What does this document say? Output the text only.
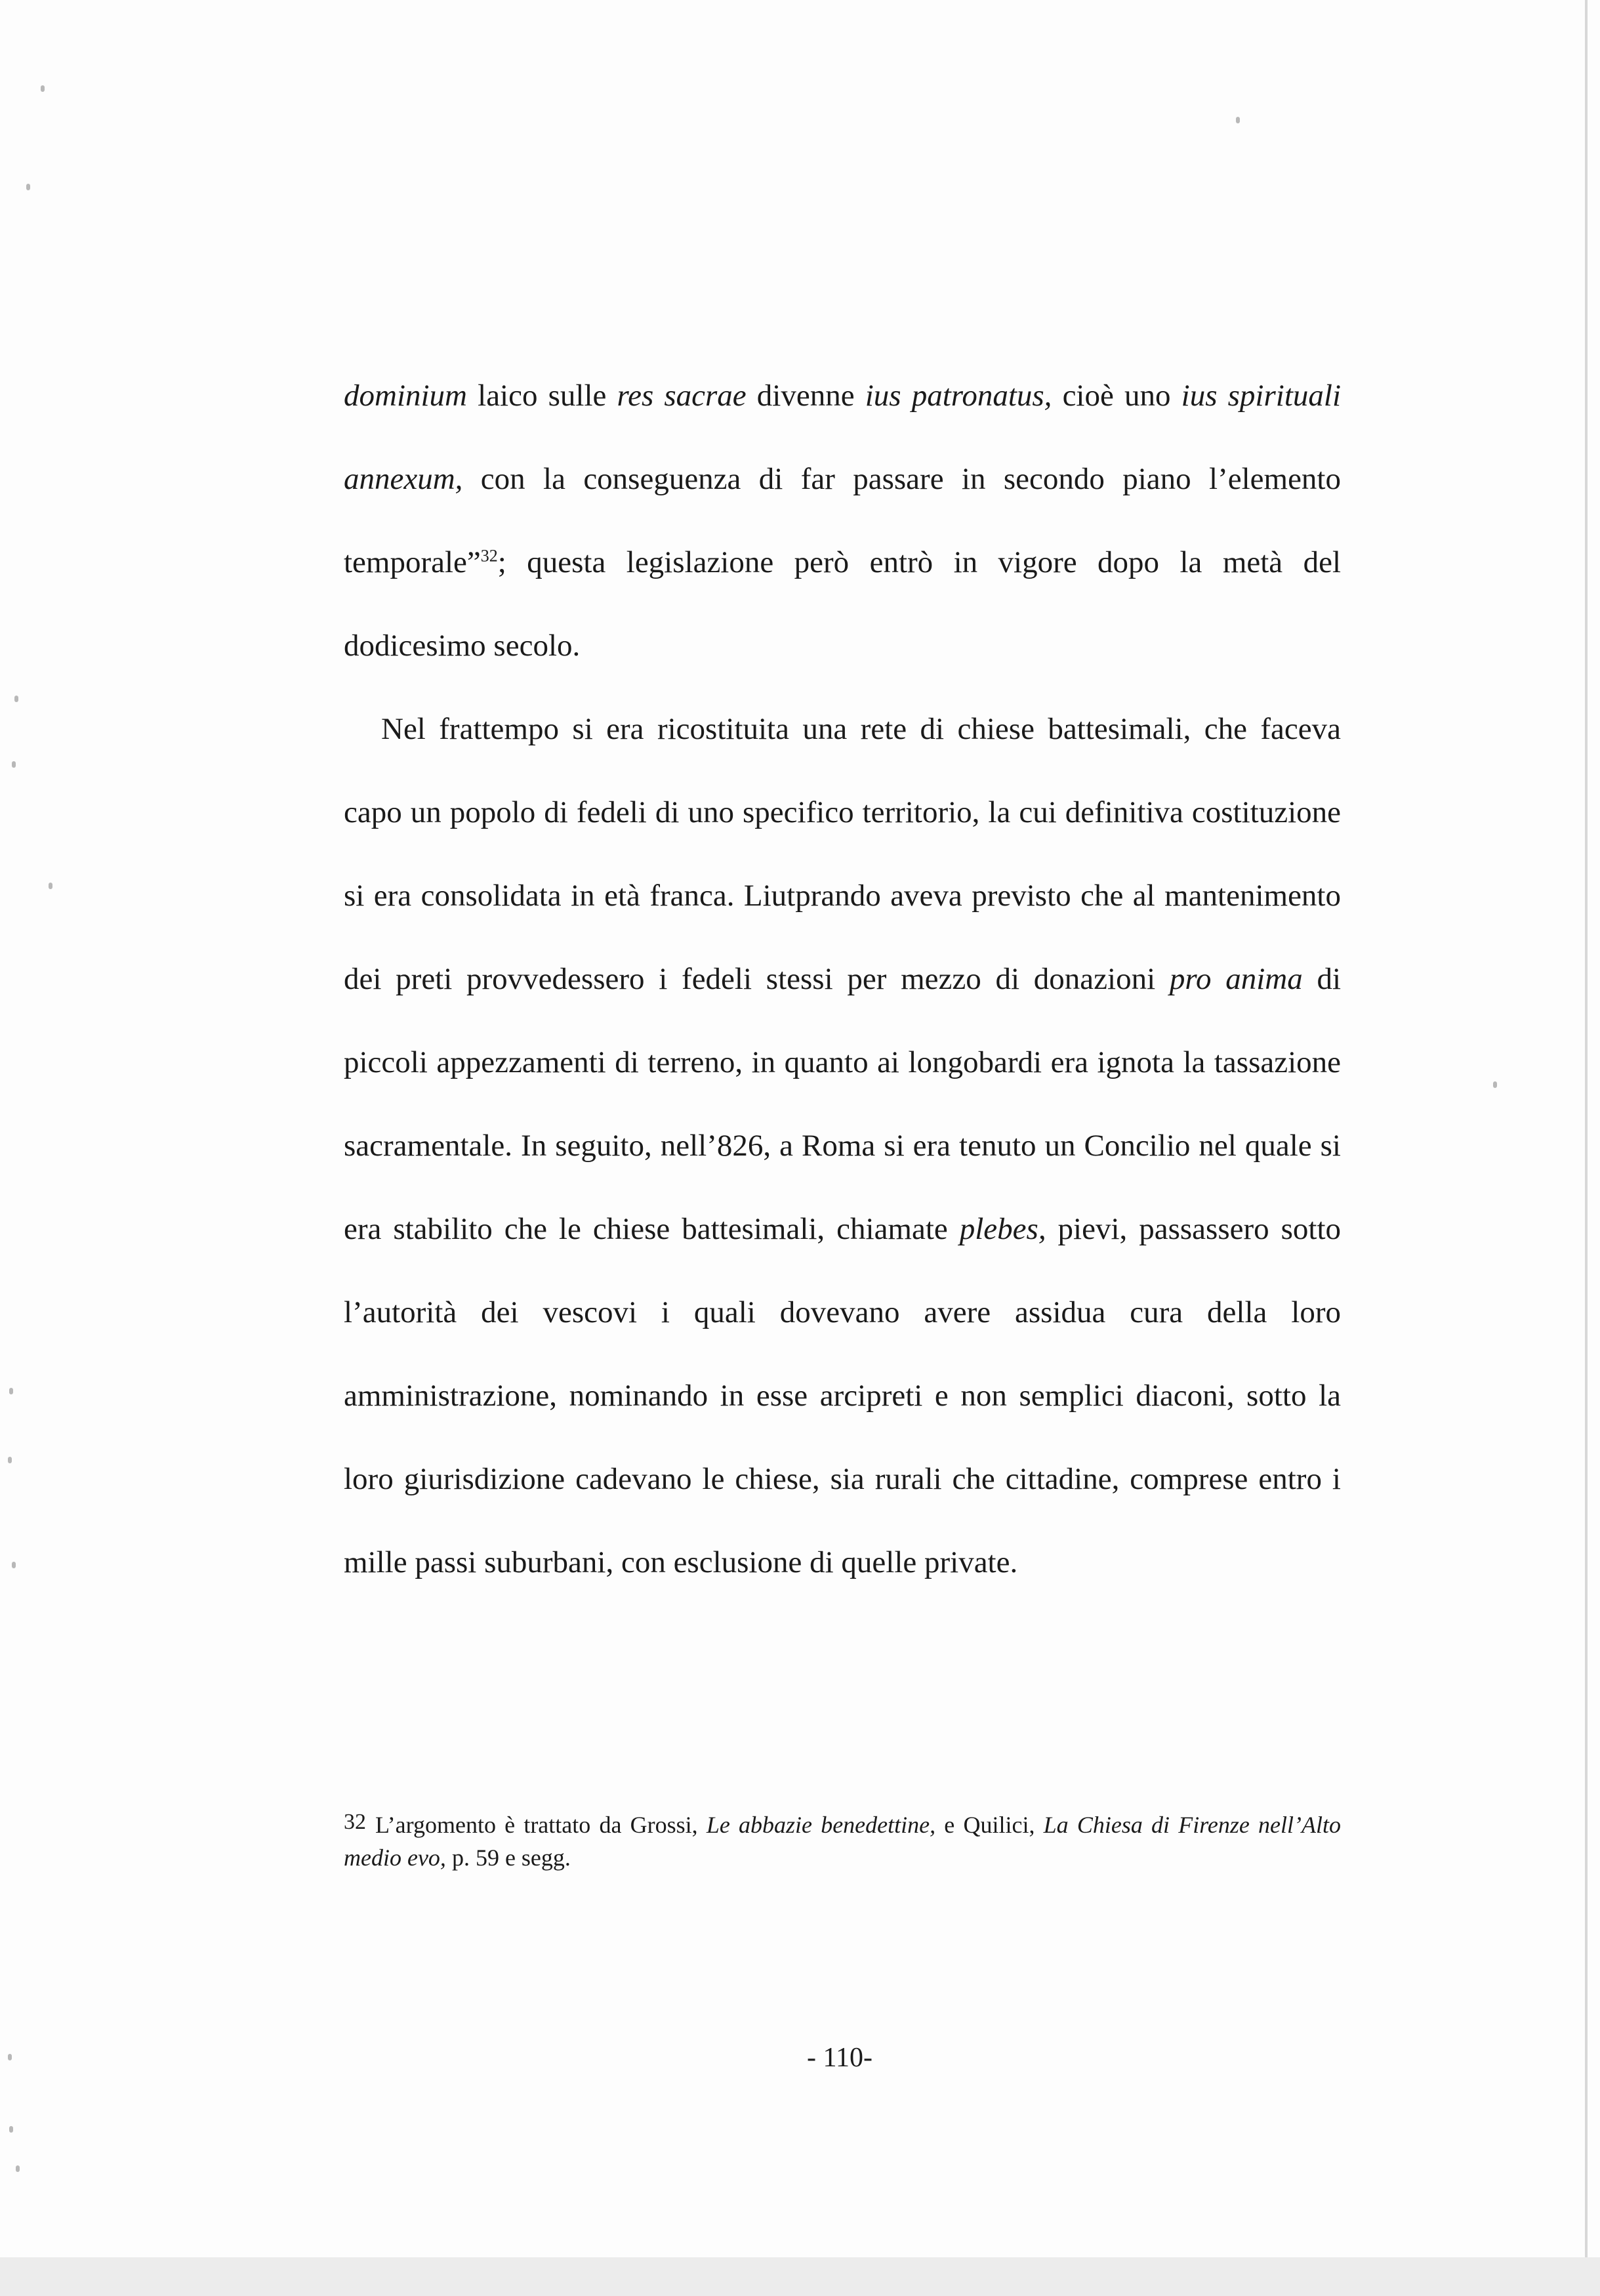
dominium laico sulle res sacrae divenne ius patronatus, cioè uno ius spirituali annexum, con la conseguenza di far passare in secondo piano l’elemento temporale”$^{32}$; questa legislazione però entrò in vigore dopo la metà del dodicesimo secolo.

Nel frattempo si era ricostituita una rete di chiese battesimali, che faceva capo un popolo di fedeli di uno specifico territorio, la cui definitiva costituzione si era consolidata in età franca. Liutprando aveva previsto che al mantenimento dei preti provvedessero i fedeli stessi per mezzo di donazioni pro anima di piccoli appezzamenti di terreno, in quanto ai longobardi era ignota la tassazione sacramentale. In seguito, nell’826, a Roma si era tenuto un Concilio nel quale si era stabilito che le chiese battesimali, chiamate plebes, pievi, passassero sotto l’autorità dei vescovi i quali dovevano avere assidua cura della loro amministrazione, nominando in esse arcipreti e non semplici diaconi, sotto la loro giurisdizione cadevano le chiese, sia rurali che cittadine, comprese entro i mille passi suburbani, con esclusione di quelle private.

32 L’argomento è trattato da Grossi, Le abbazie benedettine, e Quilici, La Chiesa di Firenze nell’Alto medio evo, p. 59 e segg.
- 110-
